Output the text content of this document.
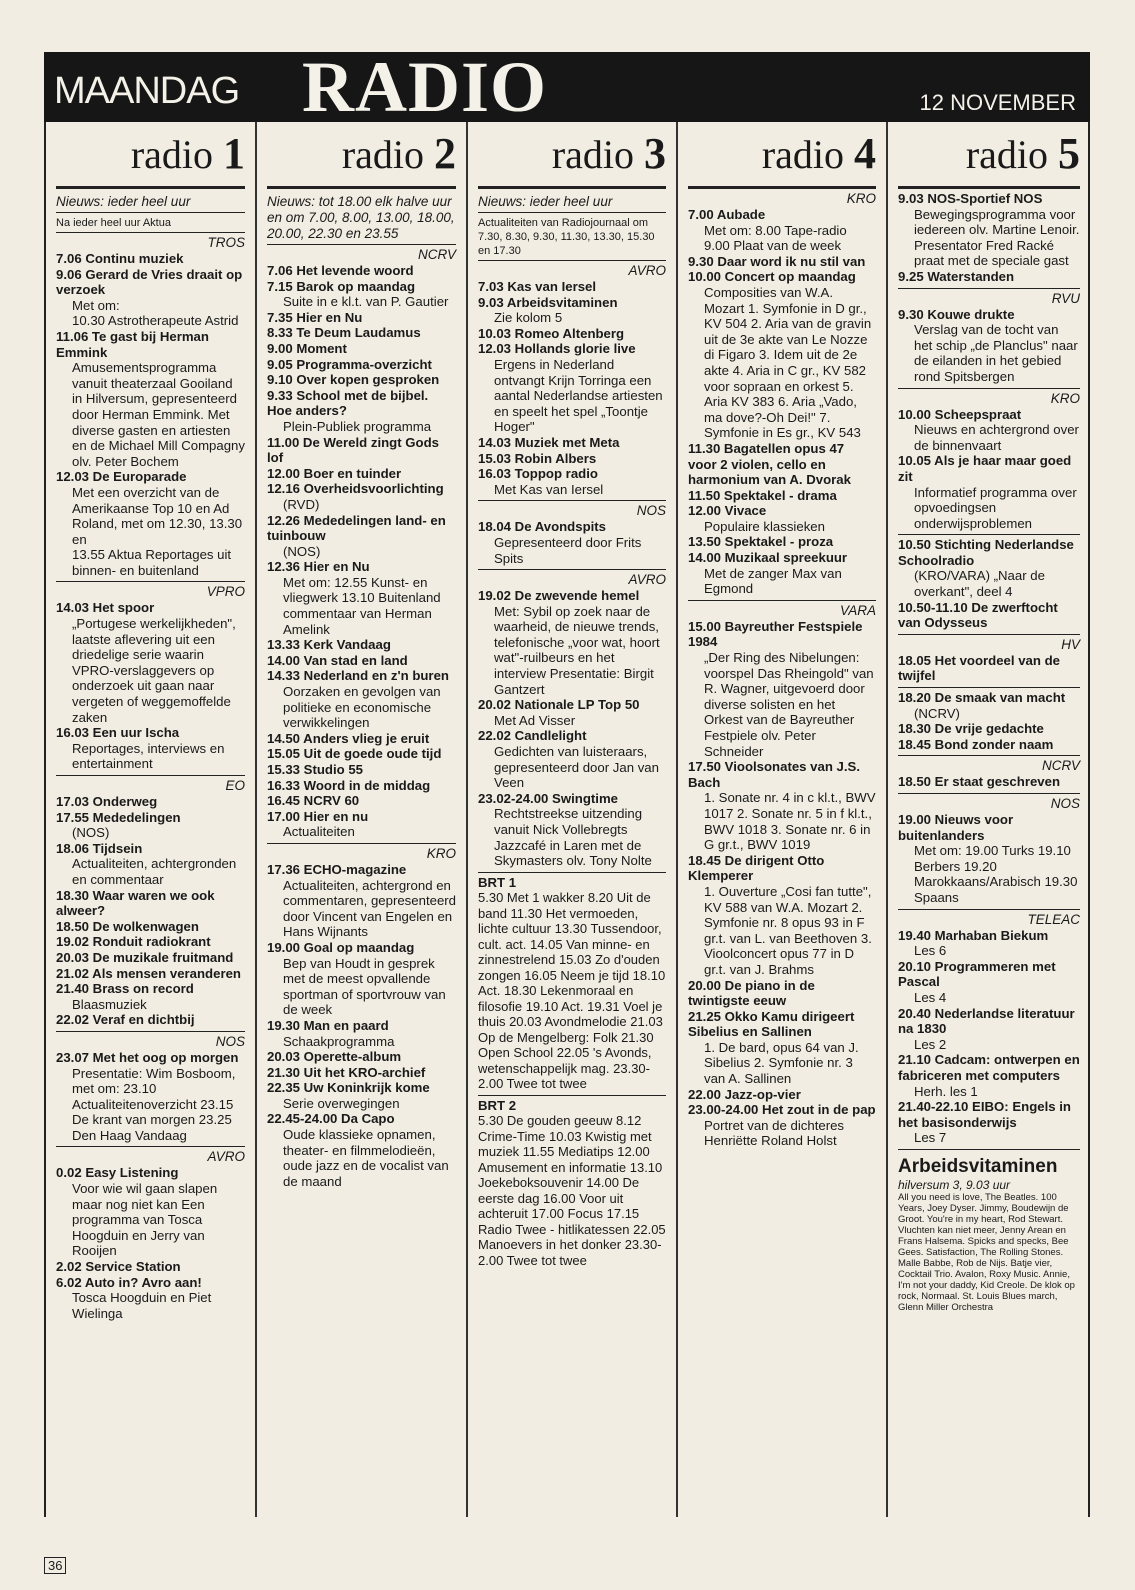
MAANDAG RADIO	12 NOVEMBER
radio 1
Nieuws: ieder heel uur
Na ieder heel uur Aktua
TROS
7.06 Continu muziek
9.06 Gerard de Vries draait op verzoek
Met om:
10.30 Astrotherapeute Astrid
11.06 Te gast bij Herman Emmink
Amusementsprogramma vanuit theaterzaal Gooiland in Hilversum, gepresenteerd door Herman Emmink. Met diverse gasten en artiesten en de Michael Mill Compagny olv. Peter Bochem
12.03 De Europarade
Met een overzicht van de Amerikaanse Top 10 en Ad Roland, met om 12.30, 13.30 en
13.55 Aktua Reportages uit binnen- en buitenland
VPRO
14.03 Het spoor
„Portugese werkelijkheden", laatste aflevering uit een driedelige serie waarin VPRO-verslaggevers op onderzoek uit gaan naar vergeten of weggemoffelde zaken
16.03 Een uur Ischa
Reportages, interviews en entertainment
EO
17.03 Onderweg
17.55 Mededelingen
(NOS)
18.06 Tijdsein
Actualiteiten, achtergronden en commentaar
18.30 Waar waren we ook alweer?
18.50 De wolkenwagen
19.02 Ronduit radiokrant
20.03 De muzikale fruitmand
21.02 Als mensen veranderen
21.40 Brass on record
Blaasmuziek
22.02 Veraf en dichtbij
NOS
23.07 Met het oog op morgen
Presentatie: Wim Bosboom, met om: 23.10 Actualiteitenoverzicht 23.15 De krant van morgen 23.25 Den Haag Vandaag
AVRO
0.02 Easy Listening
Voor wie wil gaan slapen maar nog niet kan Een programma van Tosca Hoogduin en Jerry van Rooijen
2.02 Service Station
6.02 Auto in? Avro aan!
Tosca Hoogduin en Piet Wielinga
radio 2
Nieuws: tot 18.00 elk halve uur en om 7.00, 8.00, 13.00, 18.00, 20.00, 22.30 en 23.55
NCRV
7.06 Het levende woord
7.15 Barok op maandag
Suite in e kl.t. van P. Gautier
7.35 Hier en Nu
8.33 Te Deum Laudamus
9.00 Moment
9.05 Programma-overzicht
9.10 Over kopen gesproken
9.33 School met de bijbel. Hoe anders?
Plein-Publiek programma
11.00 De Wereld zingt Gods lof
12.00 Boer en tuinder
12.16 Overheidsvoorlichting
(RVD)
12.26 Mededelingen land- en tuinbouw
(NOS)
12.36 Hier en Nu
Met om: 12.55 Kunst- en vliegwerk 13.10 Buitenland commentaar van Herman Amelink
13.33 Kerk Vandaag
14.00 Van stad en land
14.33 Nederland en z'n buren
Oorzaken en gevolgen van politieke en economische verwikkelingen
14.50 Anders vlieg je eruit
15.05 Uit de goede oude tijd
15.33 Studio 55
16.33 Woord in de middag
16.45 NCRV 60
17.00 Hier en nu
Actualiteiten
KRO
17.36 ECHO-magazine
Actualiteiten, achtergrond en commentaren, gepresenteerd door Vincent van Engelen en Hans Wijnants
19.00 Goal op maandag
Bep van Houdt in gesprek met de meest opvallende sportman of sportvrouw van de week
19.30 Man en paard
Schaakprogramma
20.03 Operette-album
21.30 Uit het KRO-archief
22.35 Uw Koninkrijk kome
Serie overwegingen
22.45-24.00 Da Capo
Oude klassieke opnamen, theater- en filmmelodieën, oude jazz en de vocalist van de maand
radio 3
Nieuws: ieder heel uur
Actualiteiten van Radiojournaal om 7.30, 8.30, 9.30, 11.30, 13.30, 15.30 en 17.30
AVRO
7.03 Kas van Iersel
9.03 Arbeidsvitaminen
Zie kolom 5
10.03 Romeo Altenberg
12.03 Hollands glorie live
Ergens in Nederland ontvangt Krijn Torringa een aantal Nederlandse artiesten en speelt het spel „Toontje Hoger"
14.03 Muziek met Meta
15.03 Robin Albers
16.03 Toppop radio
Met Kas van Iersel
NOS
18.04 De Avondspits
Gepresenteerd door Frits Spits
AVRO
19.02 De zwevende hemel
Met: Sybil op zoek naar de waarheid, de nieuwe trends, telefonische „voor wat, hoort wat"-ruilbeurs en het interview Presentatie: Birgit Gantzert
20.02 Nationale LP Top 50
Met Ad Visser
22.02 Candlelight
Gedichten van luisteraars, gepresenteerd door Jan van Veen
23.02-24.00 Swingtime
Rechtstreekse uitzending vanuit Nick Vollebregts Jazzcafé in Laren met de Skymasters olv. Tony Nolte
BRT 1
5.30 Met 1 wakker 8.20 Uit de band 11.30 Het vermoeden, lichte cultuur 13.30 Tussendoor, cult. act. 14.05 Van minne- en zinnestrelend 15.03 Zo d'ouden zongen 16.05 Neem je tijd 18.10 Act. 18.30 Lekenmoraal en filosofie 19.10 Act. 19.31 Voel je thuis 20.03 Avondmelodie 21.03 Op de Mengelberg: Folk 21.30 Open School 22.05 's Avonds, wetenschappelijk mag. 23.30-2.00 Twee tot twee
BRT 2
5.30 De gouden geeuw 8.12 Crime-Time 10.03 Kwistig met muziek 11.55 Mediatips 12.00 Amusement en informatie 13.10 Joekeboksouvenir 14.00 De eerste dag 16.00 Voor uit achteruit 17.00 Focus 17.15 Radio Twee - hitlikatessen 22.05 Manoevers in het donker 23.30-2.00 Twee tot twee
radio 4
KRO
7.00 Aubade
Met om: 8.00 Tape-radio 9.00 Plaat van de week
9.30 Daar word ik nu stil van
10.00 Concert op maandag
Composities van W.A. Mozart 1. Symfonie in D gr., KV 504 2. Aria van de gravin uit de 3e akte van Le Nozze di Figaro 3. Idem uit de 2e akte 4. Aria in C gr., KV 582 voor sopraan en orkest 5. Aria KV 383 6. Aria „Vado, ma dove?-Oh Dei!" 7. Symfonie in Es gr., KV 543
11.30 Bagatellen opus 47 voor 2 violen, cello en harmonium van A. Dvorak
11.50 Spektakel - drama
12.00 Vivace
Populaire klassieken
13.50 Spektakel - proza
14.00 Muzikaal spreekuur
Met de zanger Max van Egmond
VARA
15.00 Bayreuther Festspiele 1984
„Der Ring des Nibelungen: voorspel Das Rheingold" van R. Wagner, uitgevoerd door diverse solisten en het Orkest van de Bayreuther Festpiele olv. Peter Schneider
17.50 Vioolsonates van J.S. Bach
1. Sonate nr. 4 in c kl.t., BWV 1017 2. Sonate nr. 5 in f kl.t., BWV 1018 3. Sonate nr. 6 in G gr.t., BWV 1019
18.45 De dirigent Otto Klemperer
1. Ouverture „Cosi fan tutte", KV 588 van W.A. Mozart 2. Symfonie nr. 8 opus 93 in F gr.t. van L. van Beethoven 3. Vioolconcert opus 77 in D gr.t. van J. Brahms
20.00 De piano in de twintigste eeuw
21.25 Okko Kamu dirigeert Sibelius en Sallinen
1. De bard, opus 64 van J. Sibelius 2. Symfonie nr. 3 van A. Sallinen
22.00 Jazz-op-vier
23.00-24.00 Het zout in de pap
Portret van de dichteres Henriëtte Roland Holst
radio 5
9.03 NOS-Sportief NOS
Bewegingsprogramma voor iedereen olv. Martine Lenoir. Presentator Fred Racké praat met de speciale gast
9.25 Waterstanden
RVU
9.30 Kouwe drukte
Verslag van de tocht van het schip „de Planclus" naar de eilanden in het gebied rond Spitsbergen
KRO
10.00 Scheepspraat
Nieuws en achtergrond over de binnenvaart
10.05 Als je haar maar goed zit
Informatief programma over opvoedingsen onderwijsproblemen
10.50 Stichting Nederlandse Schoolradio
(KRO/VARA) „Naar de overkant", deel 4
10.50-11.10 De zwerftocht van Odysseus
HV
18.05 Het voordeel van de twijfel
18.20 De smaak van macht
(NCRV)
18.30 De vrije gedachte
18.45 Bond zonder naam
NCRV
18.50 Er staat geschreven
NOS
19.00 Nieuws voor buitenlanders
Met om: 19.00 Turks 19.10 Berbers 19.20 Marokkaans/Arabisch 19.30 Spaans
TELEAC
19.40 Marhaban Biekum
Les 6
20.10 Programmeren met Pascal
Les 4
20.40 Nederlandse literatuur na 1830
Les 2
21.10 Cadcam: ontwerpen en fabriceren met computers
Herh. les 1
21.40-22.10 EIBO: Engels in het basisonderwijs
Les 7
Arbeidsvitaminen
hilversum 3, 9.03 uur
All you need is love, The Beatles. 100 Years, Joey Dyser. Jimmy, Boudewijn de Groot. You're in my heart, Rod Stewart. Vluchten kan niet meer, Jenny Arean en Frans Halsema. Spicks and specks, Bee Gees. Satisfaction, The Rolling Stones. Malle Babbe, Rob de Nijs. Batje vier, Cocktail Trio. Avalon, Roxy Music. Annie, I'm not your daddy, Kid Creole. De klok op rock, Normaal. St. Louis Blues march, Glenn Miller Orchestra
36
